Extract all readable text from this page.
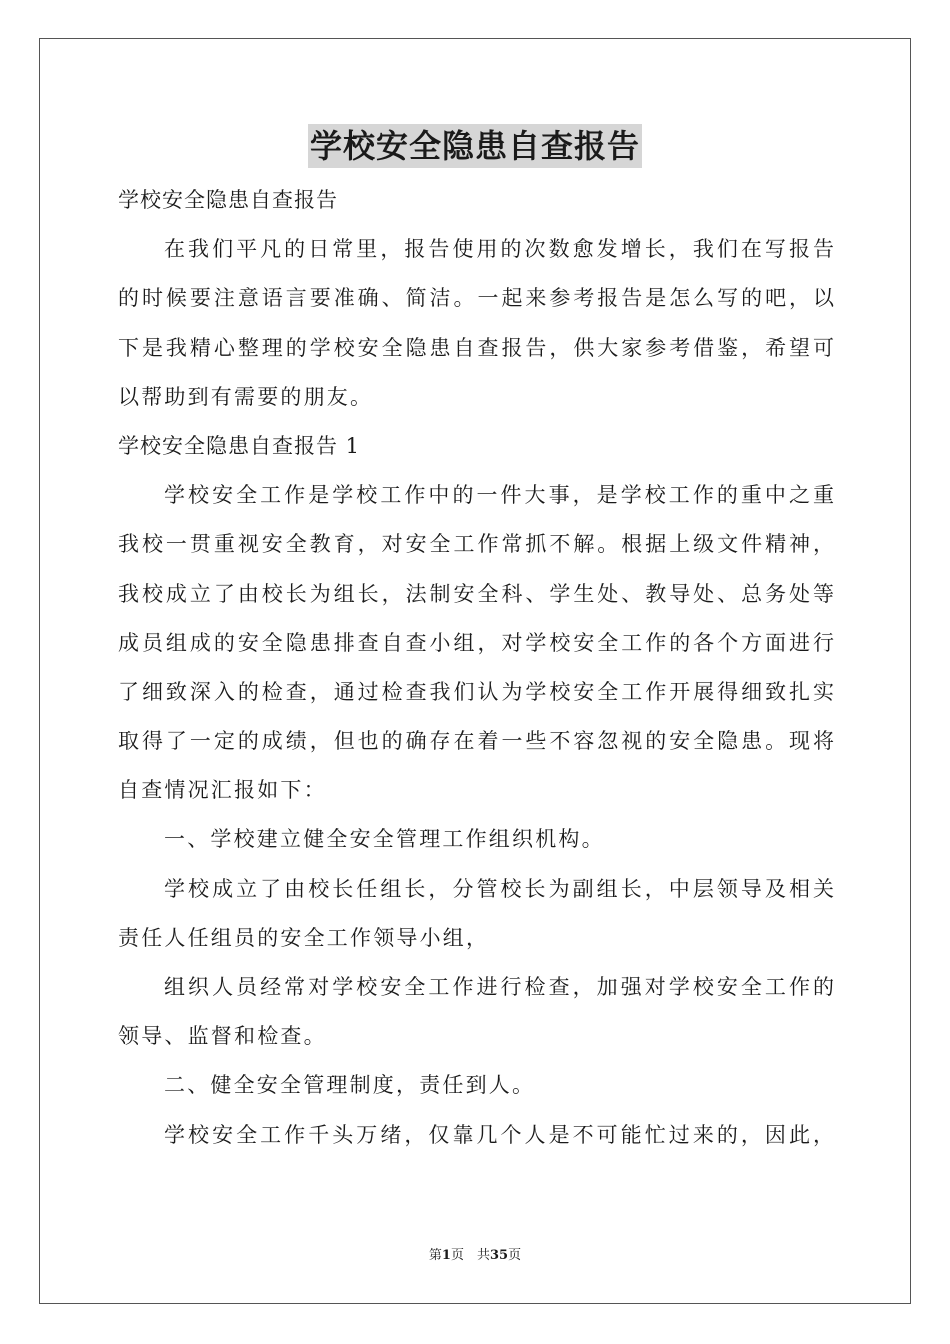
学校安全隐患自查报告
学校安全隐患自查报告
在我们平凡的日常里，报告使用的次数愈发增长，我们在写报告
的时候要注意语言要准确、简洁。一起来参考报告是怎么写的吧，以
下是我精心整理的学校安全隐患自查报告，供大家参考借鉴，希望可
以帮助到有需要的朋友。
学校安全隐患自查报告 1
学校安全工作是学校工作中的一件大事，是学校工作的重中之重
我校一贯重视安全教育，对安全工作常抓不解。根据上级文件精神，
我校成立了由校长为组长，法制安全科、学生处、教导处、总务处等
成员组成的安全隐患排查自查小组，对学校安全工作的各个方面进行
了细致深入的检查，通过检查我们认为学校安全工作开展得细致扎实
取得了一定的成绩，但也的确存在着一些不容忽视的安全隐患。现将
自查情况汇报如下：
一、学校建立健全安全管理工作组织机构。
学校成立了由校长任组长，分管校长为副组长，中层领导及相关
责任人任组员的安全工作领导小组，
组织人员经常对学校安全工作进行检查，加强对学校安全工作的
领导、监督和检查。
二、健全安全管理制度，责任到人。
学校安全工作千头万绪，仅靠几个人是不可能忙过来的，因此，
第1页　共35页
